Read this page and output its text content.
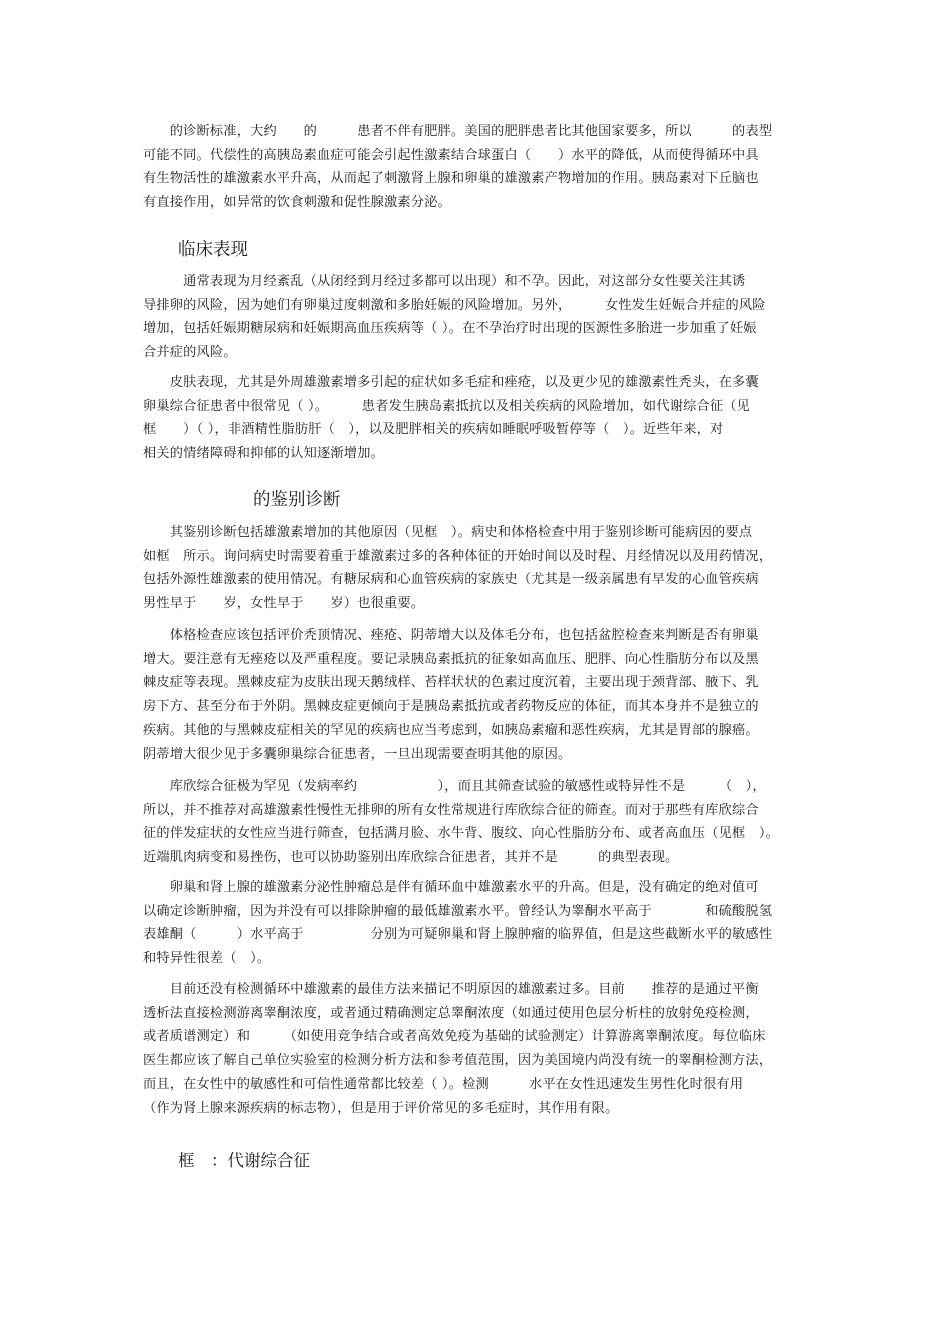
　　的诊断标准，大约　　的　　　患者不伴有肥胖。美国的肥胖患者比其他国家要多，所以　　　的表型
可能不同。代偿性的高胰岛素血症可能会引起性激素结合球蛋白（　　）水平的降低，从而使得循环中具
有生物活性的雄激素水平升高，从而起了刺激肾上腺和卵巢的雄激素产物增加的作用。胰岛素对下丘脑也
有直接作用，如异常的饮食刺激和促性腺激素分泌。
临床表现
　　　通常表现为月经紊乱（从闭经到月经过多都可以出现）和不孕。因此，对这部分女性要关注其诱
导排卵的风险，因为她们有卵巢过度刺激和多胎妊娠的风险增加。另外，　　　女性发生妊娠合并症的风险
增加，包括妊娠期糖尿病和妊娠期高血压疾病等（ ）。在不孕治疗时出现的医源性多胎进一步加重了妊娠
合并症的风险。
　　皮肤表现，尤其是外周雄激素增多引起的症状如多毛症和痤疮，以及更少见的雄激素性秃头，在多囊
卵巢综合征患者中很常见（ ）。　　　患者发生胰岛素抵抗以及相关疾病的风险增加，如代谢综合征（见
框　　）（ ），非酒精性脂肪肝（　），以及肥胖相关的疾病如睡眠呼吸暂停等（　）。近些年来，对
相关的情绪障碍和抑郁的认知逐渐增加。
的鉴别诊断
　　其鉴别诊断包括雄激素增加的其他原因（见框　）。病史和体格检查中用于鉴别诊断可能病因的要点
如框　所示。询问病史时需要着重于雄激素过多的各种体征的开始时间以及时程、月经情况以及用药情况，
包括外源性雄激素的使用情况。有糖尿病和心血管疾病的家族史（尤其是一级亲属患有早发的心血管疾病
男性早于　　岁，女性早于　　岁）也很重要。
　　体格检查应该包括评价秃顶情况、痤疮、阴蒂增大以及体毛分布，也包括盆腔检查来判断是否有卵巢
增大。要注意有无痤疮以及严重程度。要记录胰岛素抵抗的征象如高血压、肥胖、向心性脂肪分布以及黑
棘皮症等表现。黑棘皮症为皮肤出现天鹅绒样、苔样状状的色素过度沉着，主要出现于颈背部、腋下、乳
房下方、甚至分布于外阴。黑棘皮症更倾向于是胰岛素抵抗或者药物反应的体征，而其本身并不是独立的
疾病。其他的与黑棘皮症相关的罕见的疾病也应当考虑到，如胰岛素瘤和恶性疾病，尤其是胃部的腺癌。
阴蒂增大很少见于多囊卵巢综合征患者，一旦出现需要查明其他的原因。
　　库欣综合征极为罕见（发病率约　　　　　　），而且其筛查试验的敏感性或特异性不是　　　（　），
所以，并不推荐对高雄激素性慢性无排卵的所有女性常规进行库欣综合征的筛查。而对于那些有库欣综合
征的伴发症状的女性应当进行筛查，包括满月脸、水牛背、腹纹、向心性脂肪分布、或者高血压（见框　）。
近端肌肉病变和易挫伤，也可以协助鉴别出库欣综合征患者，其并不是　　　的典型表现。
　　卵巢和肾上腺的雄激素分泌性肿瘤总是伴有循环血中雄激素水平的升高。但是，没有确定的绝对值可
以确定诊断肿瘤，因为并没有可以排除肿瘤的最低雄激素水平。曾经认为睾酮水平高于　　　　和硫酸脱氢
表雄酮（　　　）水平高于　　　　　分别为可疑卵巢和肾上腺肿瘤的临界值，但是这些截断水平的敏感性
和特异性很差（　）。
　　目前还没有检测循环中雄激素的最佳方法来描记不明原因的雄激素过多。目前　　推荐的是通过平衡
透析法直接检测游离睾酮浓度，或者通过精确测定总睾酮浓度（如通过使用色层分析柱的放射免疫检测，
或者质谱测定）和　　　（如使用竞争结合或者高效免疫为基础的试验测定）计算游离睾酮浓度。每位临床
医生都应该了解自己单位实验室的检测分析方法和参考值范围，因为美国境内尚没有统一的睾酮检测方法，
而且，在女性中的敏感性和可信性通常都比较差（ ）。检测　　　水平在女性迅速发生男性化时很有用
（作为肾上腺来源疾病的标志物），但是用于评价常见的多毛症时，其作用有限。
框　：代谢综合征
